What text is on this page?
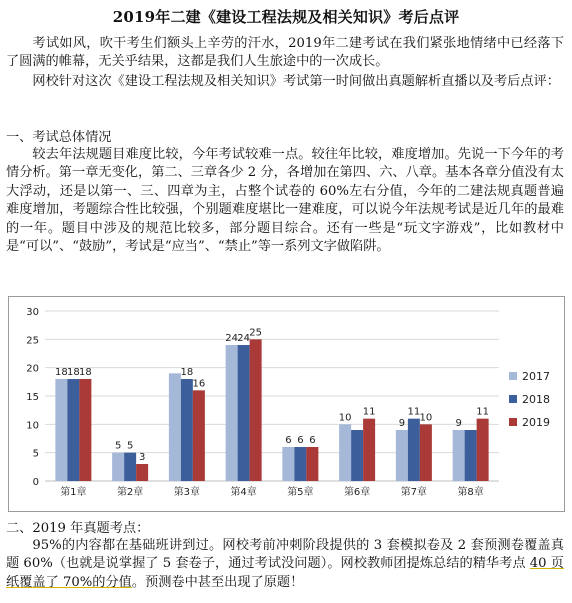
2019年二建《建设工程法规及相关知识》考后点评

考试如风，吹干考生们额头上辛劳的汗水，2019年二建考试在我们紧张地情绪中已经落下了圆满的帷幕，无关乎结果，这都是我们人生旅途中的一次成长。

网校针对这次《建设工程法规及相关知识》考试第一时间做出真题解析直播以及考后点评：

一、考试总体情况

较去年法规题目难度比较，今年考试较难一点。较往年比较，难度增加。先说一下今年的考情分析。第一章无变化，第二、三章各少 2 分，各增加在第四、六、八章。基本各章分值没有太大浮动，还是以第一、三、四章为主，占整个试卷的 60%左右分值，今年的二建法规真题普遍难度增加，考题综合性比较强，个别题难度堪比一建难度，可以说今年法规考试是近几年的最难的一年。题目中涉及的规范比较多，部分题目综合。还有一些是“玩文字游戏”，比如教材中是“可以”、“鼓励”，考试是“应当”、“禁止”等一系列文字做陷阱。

0
5
10
15
20
25
30
18 18 18
第1章
5 5
3
第2章
18
16
第3章
24 24
25
第4章
6 6 6
第5章
10
11
第6章
9
11
10
第7章
9
11
第8章
2017
2018
2019

二、2019 年真题考点：

95%的内容都在基础班讲到过。网校考前冲刺阶段提供的 3 套模拟卷及 2 套预测卷覆盖真题 60%（也就是说掌握了 5 套卷子，通过考试没问题）。网校教师团提炼总结的精华考点 40 页纸覆盖了 70%的分值。预测卷中甚至出现了原题！
